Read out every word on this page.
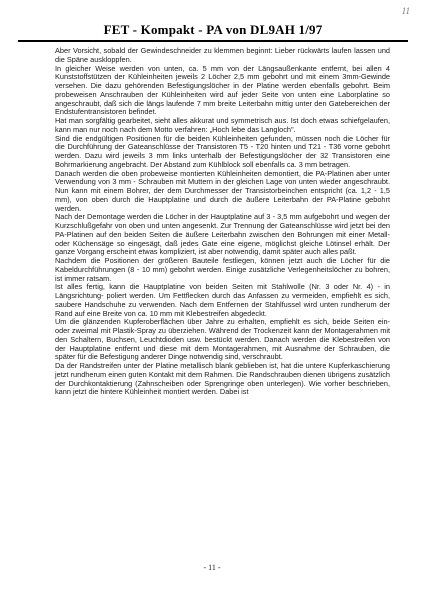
11
FET - Kompakt - PA von DL9AH 1/97

Aber Vorsicht, sobald der Gewindeschneider zu klemmen beginnt: Lieber rückwärts laufen lassen und die Späne auskloppfen.

In gleicher Weise werden von unten, ca. 5 mm von der Längsaußenkante entfernt, bei allen 4 Kunststoffstützen der Kühleinheiten jeweils 2 Löcher 2,5 mm gebohrt und mit einem 3mm-Gewinde versehen. Die dazu gehörenden Befestigungslöcher in der Platine werden ebenfalls gebohrt. Beim probeweisen Anschrauben der Kühleinheiten wird auf jeder Seite von unten eine Laborplatine so angeschraubt, daß sich die längs laufende 7 mm breite Leiterbahn mittig unter den Gatebereichen der Endstufentransistoren befindet.

Hat man sorgfältig gearbeitet, sieht alles akkurat und symmetrisch aus. Ist doch etwas schiefgelaufen, kann man nur noch nach dem Motto verfahren: „Hoch lebe das Langloch".

Sind die endgültigen Positionen für die beiden Kühleinheiten gefunden, müssen noch die Löcher für die Durchführung der Gateanschlüsse der Transistoren T5 - T20 hinten und T21 - T36 vorne gebohrt werden. Dazu wird jeweils 3 mm links unterhalb der Befestigungslöcher der 32 Transistoren eine Bohrmarkierung angebracht. Der Abstand zum Kühlblock soll ebenfalls ca. 3 mm betragen.

Danach werden die oben probeweise montierten Kühleinheiten demontiert, die PA-Platinen aber unter Verwendung von 3 mm - Schrauben mit Muttern in der gleichen Lage von unten wieder angeschraubt. Nun kann mit einem Bohrer, der dem Durchmesser der Transistorbeinchen entspricht (ca. 1,2 - 1,5 mm), von oben durch die Hauptplatine und durch die äußere Leiterbahn der PA-Platine gebohrt werden.

Nach der Demontage werden die Löcher in der Hauptplatine auf 3 - 3,5 mm aufgebohrt und wegen der Kurzschlußgefahr von oben und unten angesenkt. Zur Trennung der Gateanschlüsse wird jetzt bei den PA-Platinen auf den beiden Seiten die äußere Leiterbahn zwischen den Bohrungen mit einer Metall- oder Küchensäge so eingesägt, daß jedes Gate eine eigene, möglichst gleiche Lötinsel erhält. Der ganze Vorgang erscheint etwas kompliziert, ist aber notwendig, damit später auch alles paßt.

Nachdem die Positionen der größeren Bauteile festliegen, können jetzt auch die Löcher für die Kabeldurchführungen (8 - 10 mm) gebohrt werden. Einige zusätzliche Verlegenheitslöcher zu bohren, ist immer ratsam.

Ist alles fertig, kann die Hauptplatine von beiden Seiten mit Stahlwolle (Nr. 3 oder Nr. 4) - in Längsrichtung- poliert werden. Um Fettflecken durch das Anfassen zu vermeiden, empfiehlt es sich, saubere Handschuhe zu verwenden. Nach dem Entfernen der Stahlfussel wird unten rundherum der Rand auf eine Breite von ca. 10 mm mit Klebestreifen abgedeckt.

Um die glänzenden Kupferoberflächen über Jahre zu erhalten, empfiehlt es sich, beide Seiten ein- oder zweimal mit Plastik-Spray zu überziehen. Während der Trockenzeit kann der Montagerahmen mit den Schaltern, Buchsen, Leuchtdioden usw. bestückt werden. Danach werden die Klebestreifen von der Hauptplatine entfernt und diese mit dem Montagerahmen, mit Ausnahme der Schrauben, die später für die Befestigung anderer Dinge notwendig sind, verschraubt.

Da der Randstreifen unter der Platine metallisch blank geblieben ist, hat die untere Kupferkaschierung jetzt rundherum einen guten Kontakt mit dem Rahmen. Die Randschrauben dienen übrigens zusätzlich der Durchkontaktierung (Zahnscheiben oder Sprengringe oben unterlegen). Wie vorher beschrieben, kann jetzt die hintere Kühleinheit montiert werden. Dabei ist

- 11 -
